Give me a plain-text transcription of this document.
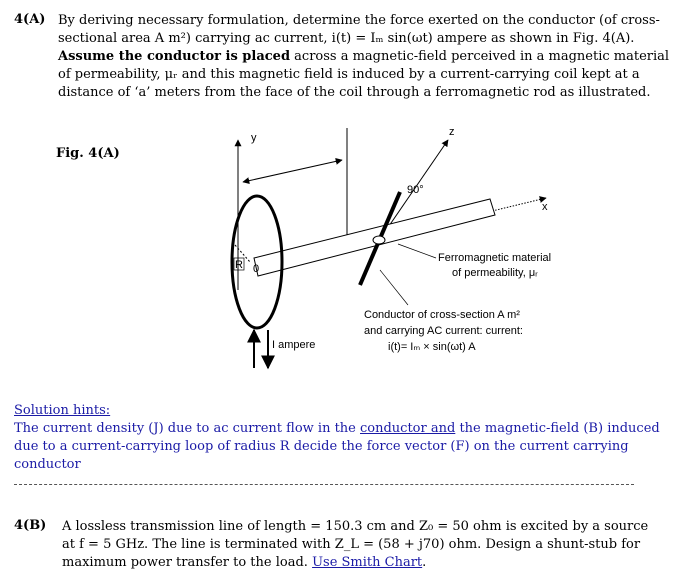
4(A) By deriving necessary formulation, determine the force exerted on the conductor (of cross-
sectional area A m²) carrying ac current, i(t) = Iₘ sin(ωt) ampere as shown in Fig. 4(A).
Assume the conductor is placed across a magnetic-field perceived in a magnetic material
of permeability, μᵣ and this magnetic field is induced by a current-carrying coil kept at a
distance of ‘a’ meters from the face of the coil through a ferromagnetic rod as illustrated.
Fig. 4(A)
y	z
x
90°
R 0
I ampere
Ferromagnetic material
of permeability, μᵣ
Conductor of cross-section A m²
and carrying AC current: current:
i(t)= Iₘ × sin(ωt) A
Solution hints:
The current density (J) due to ac current flow in the conductor and the magnetic-field (B) induced
due to a current-carrying loop of radius R decide the force vector (F) on the current carrying
conductor
4(B) A lossless transmission line of length = 150.3 cm and Z₀ = 50 ohm is excited by a source
at f = 5 GHz. The line is terminated with Z_L = (58 + j70) ohm. Design a shunt-stub for
maximum power transfer to the load. Use Smith Chart.
